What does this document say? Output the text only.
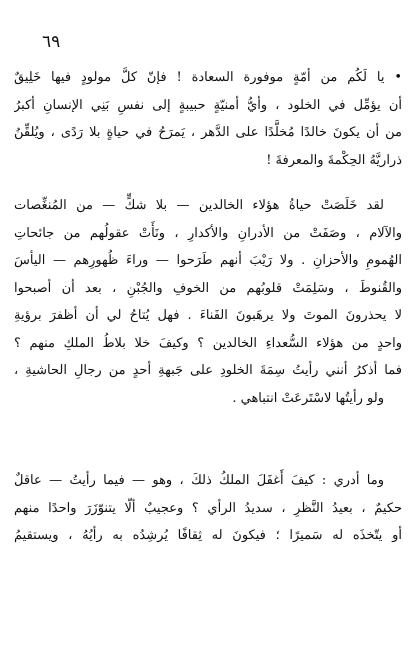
٦٩
• يا لَكُم من أمّةٍ موفورة السعادة ! فإنّ كلَّ مولودٍ فيها خَلِيقٌ
أن يؤمِّل في الخلود ، وأيُّ أمنيّةٍ حبيبةٍ إلى نفسِ بَنِي الإنسانِ أكبرُ
من أن يكونَ خالدًا مُخلَّدًا على الدَّهر ، يَمرَحُ في حياةٍ بلا رَدًى ، ويُلقِّنُ
ذراريَّهُ الحِكْمةَ والمعرفةَ !
لقد خَلَصَتْ حياةُ هؤلاء الخالدين — بلا شكٍّ — من المُنغِّصات
والآلام ، وصَفَتْ من الأدرانِ والأكدارِ ، ونَأَتْ عقولُهم من جائحاتِ
الهُمومِ والأحزانِ . ولا رَيْبَ أنهم طَرَحوا — وراءَ ظُهورِهم — اليأسَ
والقُنوطَ ، وسَلِمَتْ قلوبُهم من الخوفِ والجُبْنِ ، بعد أن أصبحوا
لا يحذرونَ الموتَ ولا يرهَبونَ الفَناءَ . فهل يُتاحُ لي أن أظفرَ برؤيةِ
واحدٍ من هؤلاء السُّعداءِ الخالدين ؟ وكيفَ خلا بلاطُ الملكِ منهم ؟
فما أذكرُ أنني رأيتُ سِمَةَ الخلودِ على جَبهةِ أحدٍ من رجالِ الحاشيةِ ،
ولو رأيتُها لاسْتَرعَتْ انتباهي .
وما أدري : كيفَ أَغفَلَ الملكُ ذلكَ ، وهو — فيما رأيتُ — عاقلٌ
حكيمٌ ، بعيدُ النَّظرِ ، سديدُ الرأي ؟ وعجيبٌ ألّا يتنوّزَرَ واحدًا منهم
أو يتّخذَه له سَميرًا ؛ فيكونَ له ثِقافًا يُرشِدُه به رأيُهُ ، ويستقيمُ
